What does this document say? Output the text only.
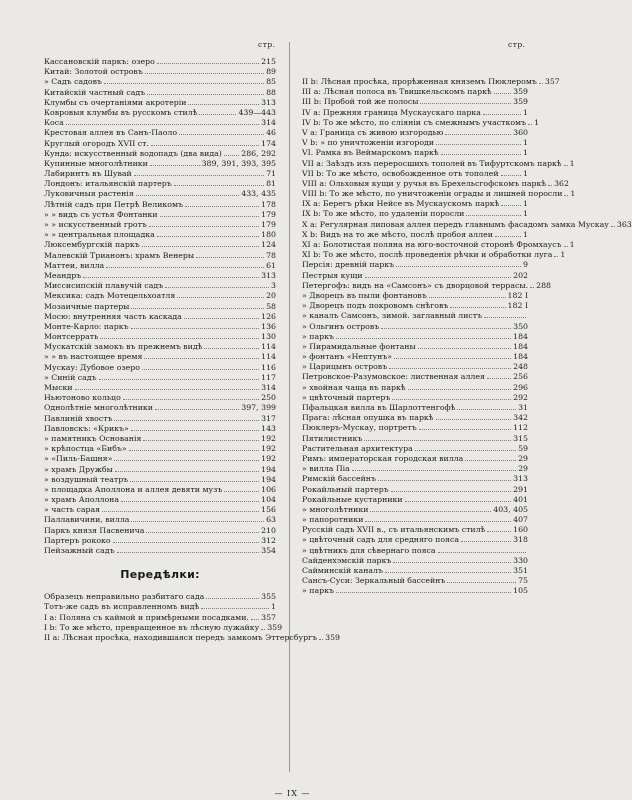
стр.	стр.
Кассановскій паркъ: озеро	215
Китай: Золотой островъ	89
» Садъ садовъ	85
Китайскій частный садъ	88
Клумбы съ очертаніями акротеріи	313
Ковровыя клумбы въ русскомъ стилѣ	439—443
Коса	314
Крестовая аллея въ Санъ-Паоло	46
Круглый огородъ XVII ст.	174
Кунда: искусственный водопадъ (два вида) 286, 292
Купинные многолѣтники	389, 391, 393, 395
Лабиринтъ въ Шувай	71
Лондонъ: итальянскій партеръ	81
Луковичныя растенія	433, 435
Лѣтній садъ при Петрѣ Великомъ	178
» » видъ съ устья Фонтанки	179
» » искусственный гротъ	179
» » центральная площадка	180
Люксембургскій паркъ	124
Малевскій Трианонъ: храмъ Венеры	78
Маттеи, вилла	61
Меандръ	313
Миссисипскій плавучій садъ	3
Мексика: садъ Мотецельхоатля	20
Мозаичные партеры	58
Мосю: внутренняя часть каскада	126
Монте-Карло: паркъ	136
Монтсеррать	130
Мускатскій замокъ въ прежнемъ видѣ	114
» » въ настоящее время	114
Мускау: Дубовое озеро	116
» Синій садъ	117
Мыски	314
Ньютоново кольцо	250
Однолѣтніе многолѣтники	397, 399
Павлиній хвостъ	317
Павловскъ: «Крикъ»	143
» памятникъ Основанія	192
» крѣпостца «Бибъ»	192
» «Пиль-Башня»	192
» храмъ Дружбы	194
» воздушный театръ	194
» площадка Аполлона и аллея девяти музъ	106
» храмъ Аполлона	104
» часть сарая	156
Паллавичини, вилла	63
Паркъ князя Пасвенича	210
Партеръ рококо	312
Пейзажный садъ	354
Передѣлки:
Образецъ неправильно разбитаго сада	355
Тотъ-же садъ въ исправленномъ видѣ	1
I a: Поляна съ каймой и примѣрными посадками. 357
I b: То же мѣсто, превращенное въ лѣсную лужайку 359
II a: Лѣсная просѣка, находившаяся передъ замкомъ Эттерсбургъ 359
II b: Лѣсная просѣка, прорѣженная княземъ Пюклеромъ 357
III a: Лѣсная полоса въ Твишкельскомъ паркѣ	359
III b: Пробой той же полосы	359
IV a: Прежняя граница Мускаускаго парка	1
IV b: То же мѣсто, по сліяніи съ смежнымъ участкомъ 1
V a: Граница съ живою изгородью	360
V b: » по уничтоженіи изгороди	1
VI. Рамка въ Веймарскомъ паркѣ	1
VII a: Заѣздъ изъ переросшихъ тополей въ Тифуртскомъ паркѣ 1
VII b: То же мѣсто, освобожденное отъ тополей	1
VIII a: Ольховыя кущи у ручья въ Брехельсгофскомъ паркѣ 362
VIII b: То же мѣсто, по уничтоженіи ограды и лишней поросли 1
IX a: Берегъ рѣки Нейсе въ Мускаускомъ паркѣ	1
IX b: То же мѣсто, по удаленіи поросли	1
X a: Регулярная липовая аллея передъ главнымъ фасадомъ замка Мускау 363
X b: Видъ на то же мѣсто, послѣ пробоя аллеи	1
XI a: Болотистая поляна на юго-восточной сторонѣ Фромхаусъ 1
XI b: То же мѣсто, послѣ проведенія рѣчки и обработки луга 1
Персія: древній паркъ	9
Пестрыя кущи	202
Петергофъ: видъ на «Самсонъ» съ дворцовой террасы. 288
» Дворецъ въ пыли фонтановъ	182 I
» Дворецъ подъ покровомъ снѣговъ	182 I
» каналъ Самсонъ, зимой. заглавный листъ
» Ольгинъ островъ	350
» паркъ	184
» Пирамидальные фонтаны	184
» фонтанъ «Нептунъ»	184
» Царицынъ островъ	248
Петровское-Разумовское: лиственная аллея	256
» хвойная чаща въ паркѣ	296
» цвѣточный партеръ	292
Пфальцкая вилла въ Шарлоттенгофѣ	31
Прага: лѣсная опушка въ паркѣ	342
Пюклеръ-Мускау, портретъ	112
Пятилистникъ	315
Растительная архитектура	59
Римъ: императорская городская вилла	29
» вилла Піа	29
Римскій бассейнъ	313
Рокайльный партеръ	291
Рокайльные кустарники	401
» многолѣтники	403, 405
» папоротники	407
Русскій садъ XVII в., съ итальянскимъ стилѣ	160
» цвѣточный садъ для средняго пояса	318
» цвѣтникъ для сѣвернаго пояса
Сайденхэмскій паркъ	330
Сайминскій каналъ	351
Сансъ-Суси: Зеркальный бассейнъ	75
» паркъ	105
— IX —
